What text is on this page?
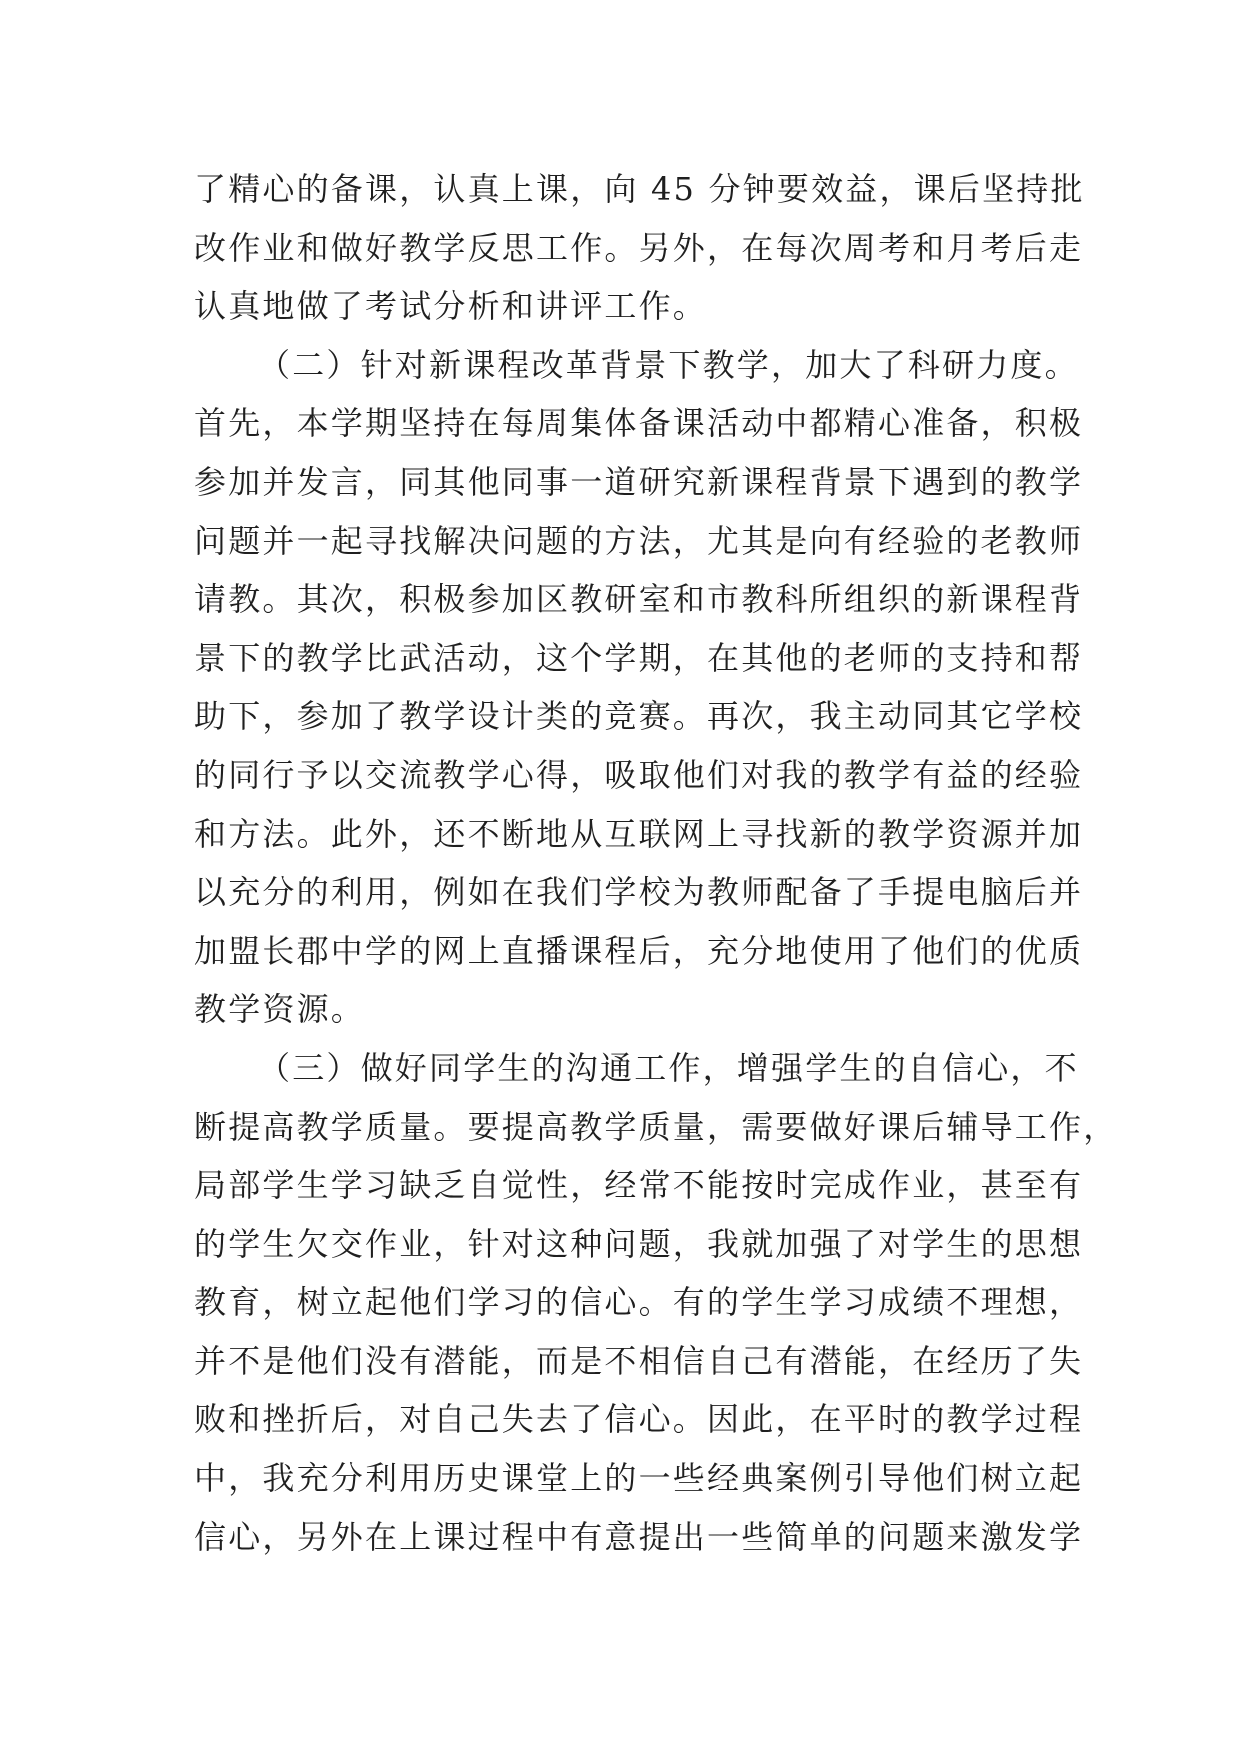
了精心的备课，认真上课，向 45 分钟要效益，课后坚持批
改作业和做好教学反思工作。另外，在每次周考和月考后走
认真地做了考试分析和讲评工作。
（二）针对新课程改革背景下教学，加大了科研力度。
首先，本学期坚持在每周集体备课活动中都精心准备，积极
参加并发言，同其他同事一道研究新课程背景下遇到的教学
问题并一起寻找解决问题的方法，尤其是向有经验的老教师
请教。其次，积极参加区教研室和市教科所组织的新课程背
景下的教学比武活动，这个学期，在其他的老师的支持和帮
助下，参加了教学设计类的竞赛。再次，我主动同其它学校
的同行予以交流教学心得，吸取他们对我的教学有益的经验
和方法。此外，还不断地从互联网上寻找新的教学资源并加
以充分的利用，例如在我们学校为教师配备了手提电脑后并
加盟长郡中学的网上直播课程后，充分地使用了他们的优质
教学资源。
（三）做好同学生的沟通工作，增强学生的自信心，不
断提高教学质量。要提高教学质量，需要做好课后辅导工作，
局部学生学习缺乏自觉性，经常不能按时完成作业，甚至有
的学生欠交作业，针对这种问题，我就加强了对学生的思想
教育，树立起他们学习的信心。有的学生学习成绩不理想，
并不是他们没有潜能，而是不相信自己有潜能，在经历了失
败和挫折后，对自己失去了信心。因此，在平时的教学过程
中，我充分利用历史课堂上的一些经典案例引导他们树立起
信心，另外在上课过程中有意提出一些简单的问题来激发学
